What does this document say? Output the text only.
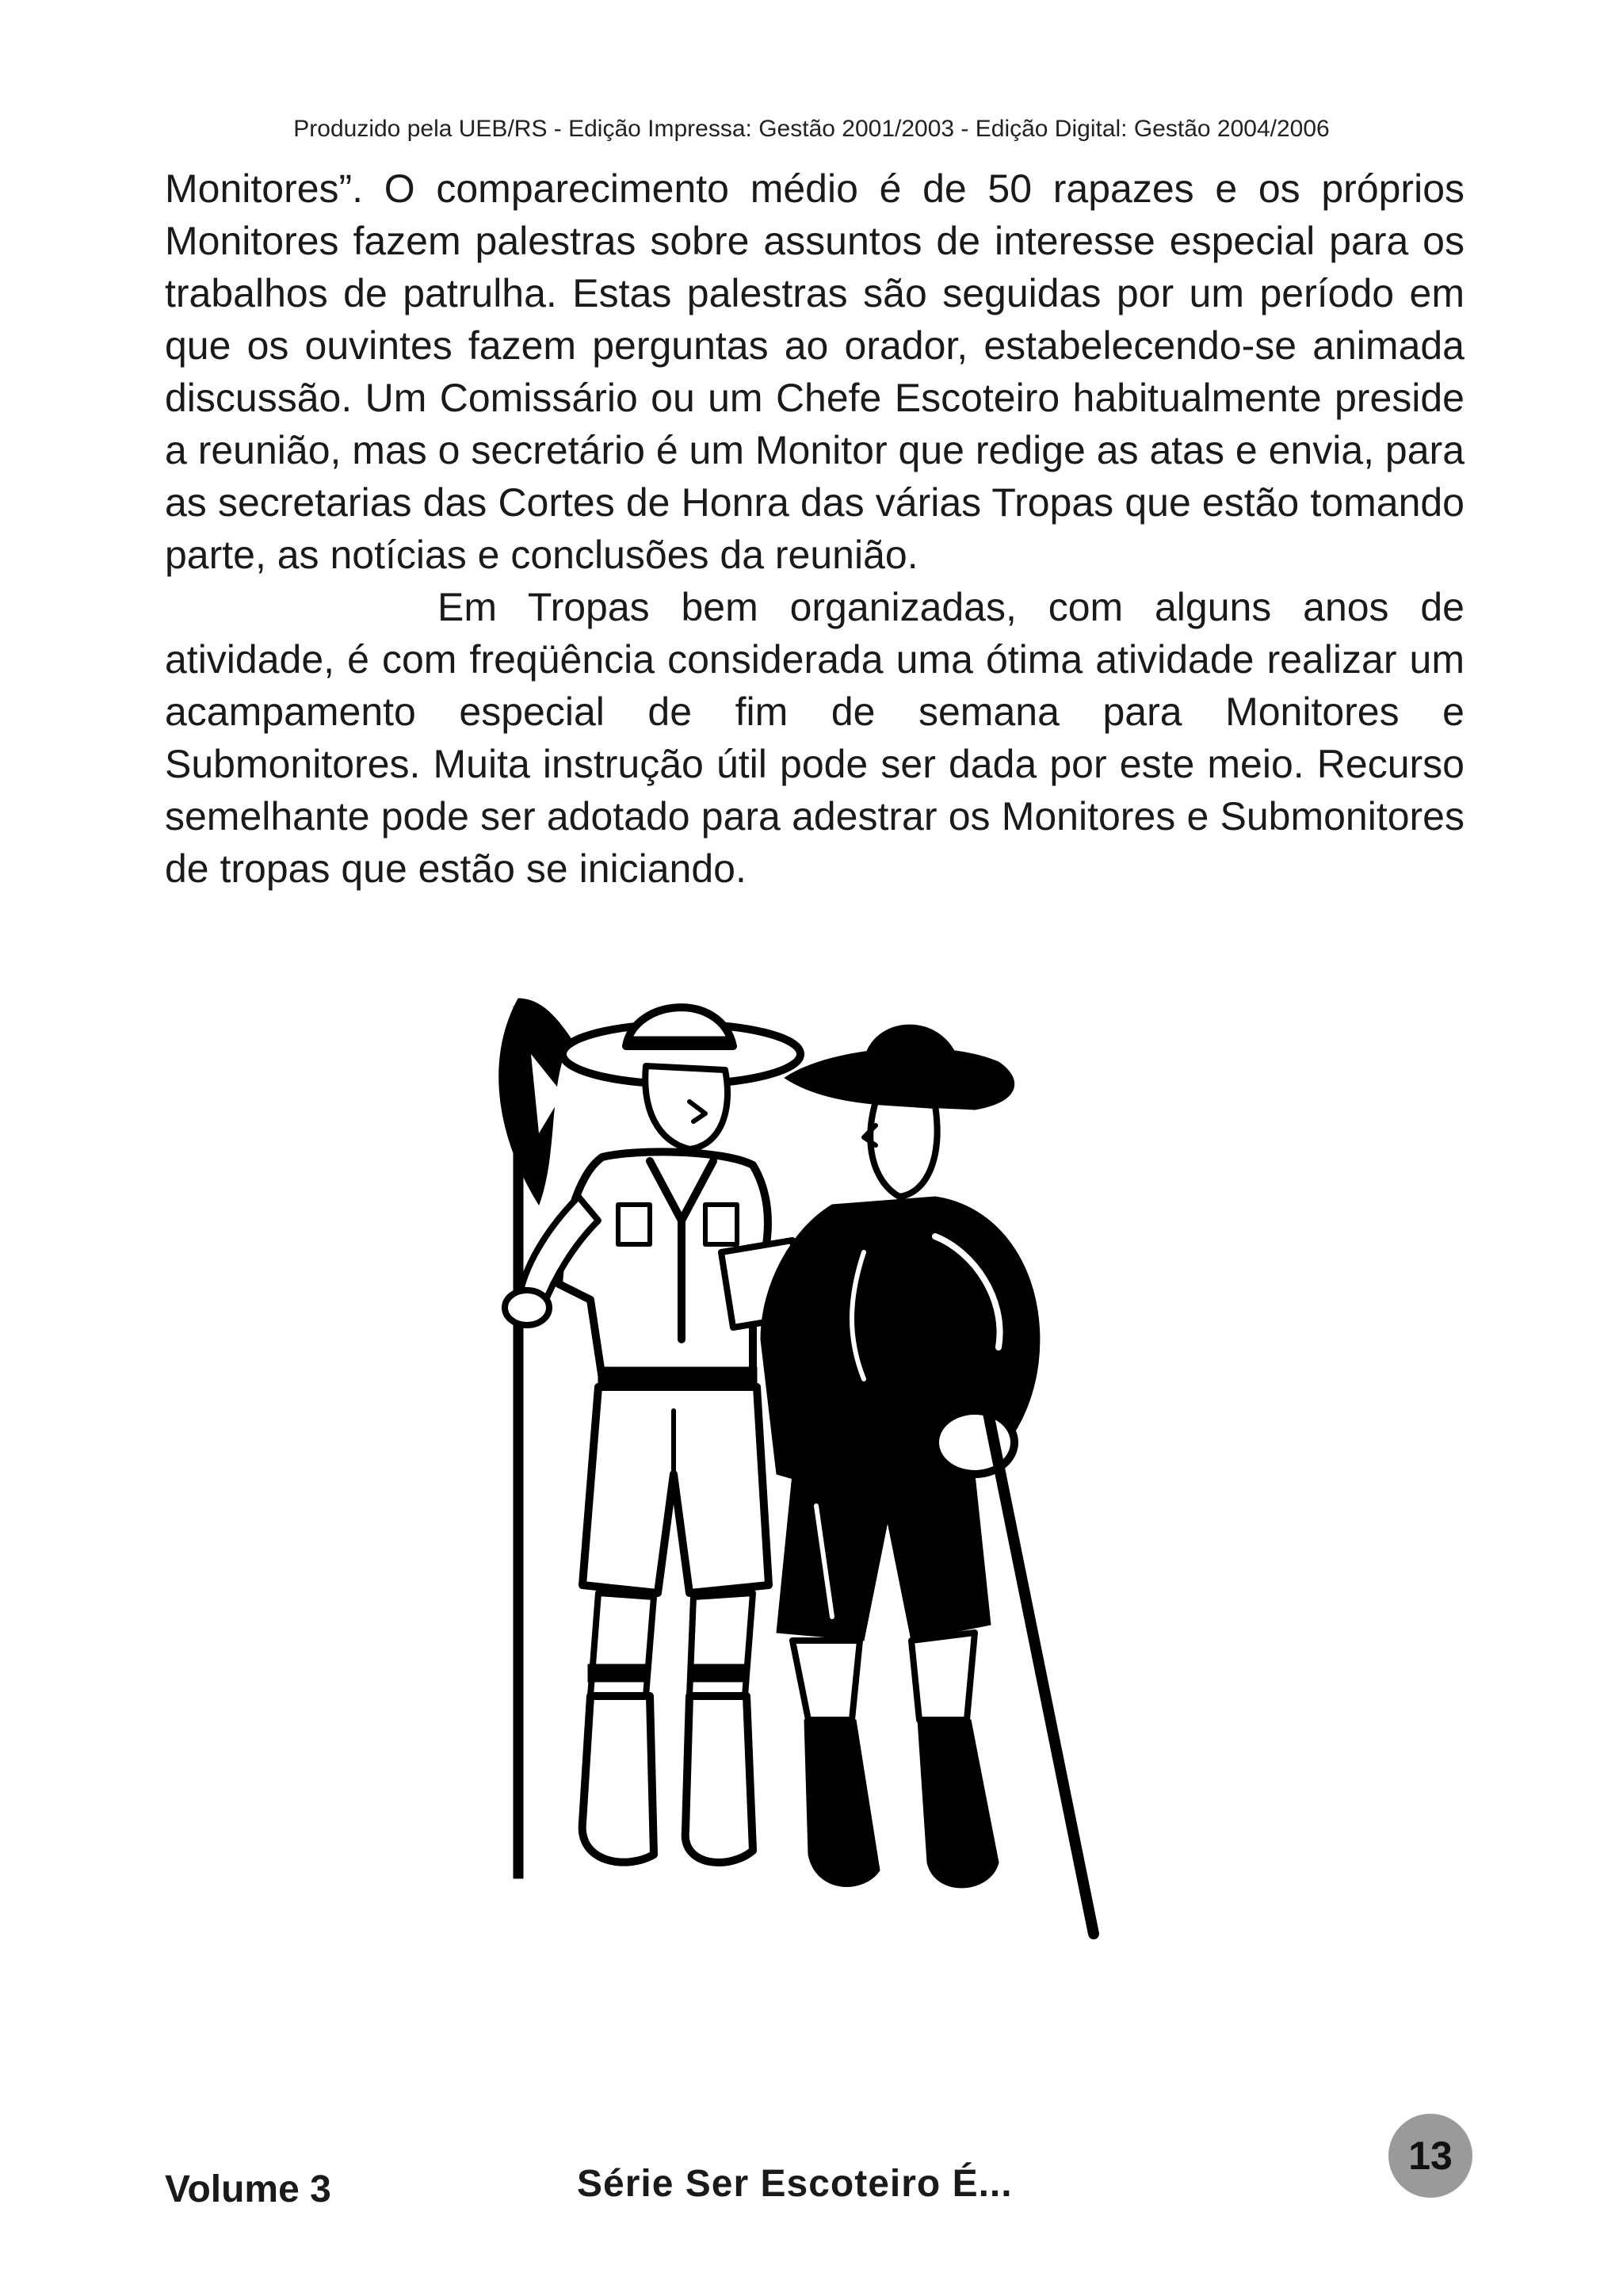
Produzido pela UEB/RS - Edição Impressa: Gestão 2001/2003 - Edição Digital: Gestão 2004/2006

Monitores”. O comparecimento médio é de 50 rapazes e os próprios Monitores fazem palestras sobre assuntos de interesse especial para os trabalhos de patrulha. Estas palestras são seguidas por um período em que os ouvintes fazem perguntas ao orador, estabelecendo-se animada discussão. Um Comissário ou um Chefe Escoteiro habitualmente preside a reunião, mas o secretário é um Monitor que redige as atas e envia, para as secretarias das Cortes de Honra das várias Tropas que estão tomando parte, as notícias e conclusões da reunião.

Em Tropas bem organizadas, com alguns anos de atividade, é com freqüência considerada uma ótima atividade realizar um acampamento especial de fim de semana para Monitores e Submonitores. Muita instrução útil pode ser dada por este meio. Recurso semelhante pode ser adotado para adestrar os Monitores e Submonitores de tropas que estão se iniciando.

Volume 3	Série Ser Escoteiro É...
13
